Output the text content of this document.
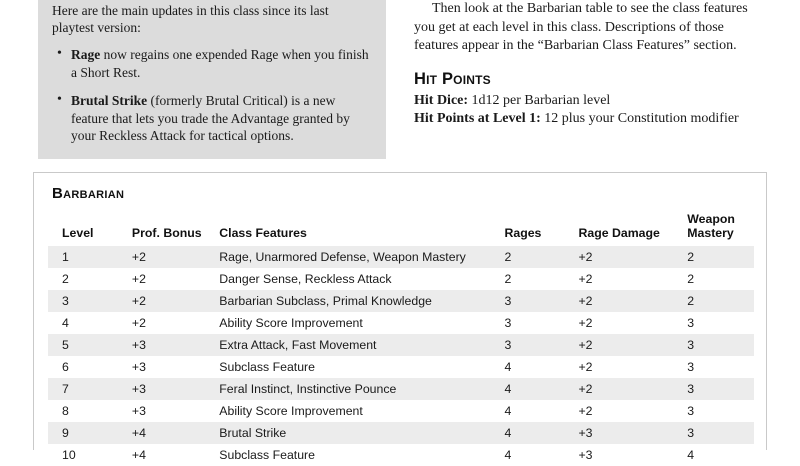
Here are the main updates in this class since its last playtest version:

• Rage now regains one expended Rage when you finish a Short Rest.
• Brutal Strike (formerly Brutal Critical) is a new feature that lets you trade the Advantage granted by your Reckless Attack for tactical options.

Then look at the Barbarian table to see the class features you get at each level in this class. Descriptions of those features appear in the “Barbarian Class Features” section.

Hit Points

Hit Dice: 1d12 per Barbarian level

Hit Points at Level 1: 12 plus your Constitution modifier

Barbarian
Level	Prof. Bonus	Class Features	Rages	Rage Damage	Weapon Mastery
1	+2	Rage, Unarmored Defense, Weapon Mastery	2	+2	2
2	+2	Danger Sense, Reckless Attack	2	+2	2
3	+2	Barbarian Subclass, Primal Knowledge	3	+2	2
4	+2	Ability Score Improvement	3	+2	3
5	+3	Extra Attack, Fast Movement	3	+2	3
6	+3	Subclass Feature	4	+2	3
7	+3	Feral Instinct, Instinctive Pounce	4	+2	3
8	+3	Ability Score Improvement	4	+2	3
9	+4	Brutal Strike	4	+3	3
10	+4	Subclass Feature	4	+3	4
